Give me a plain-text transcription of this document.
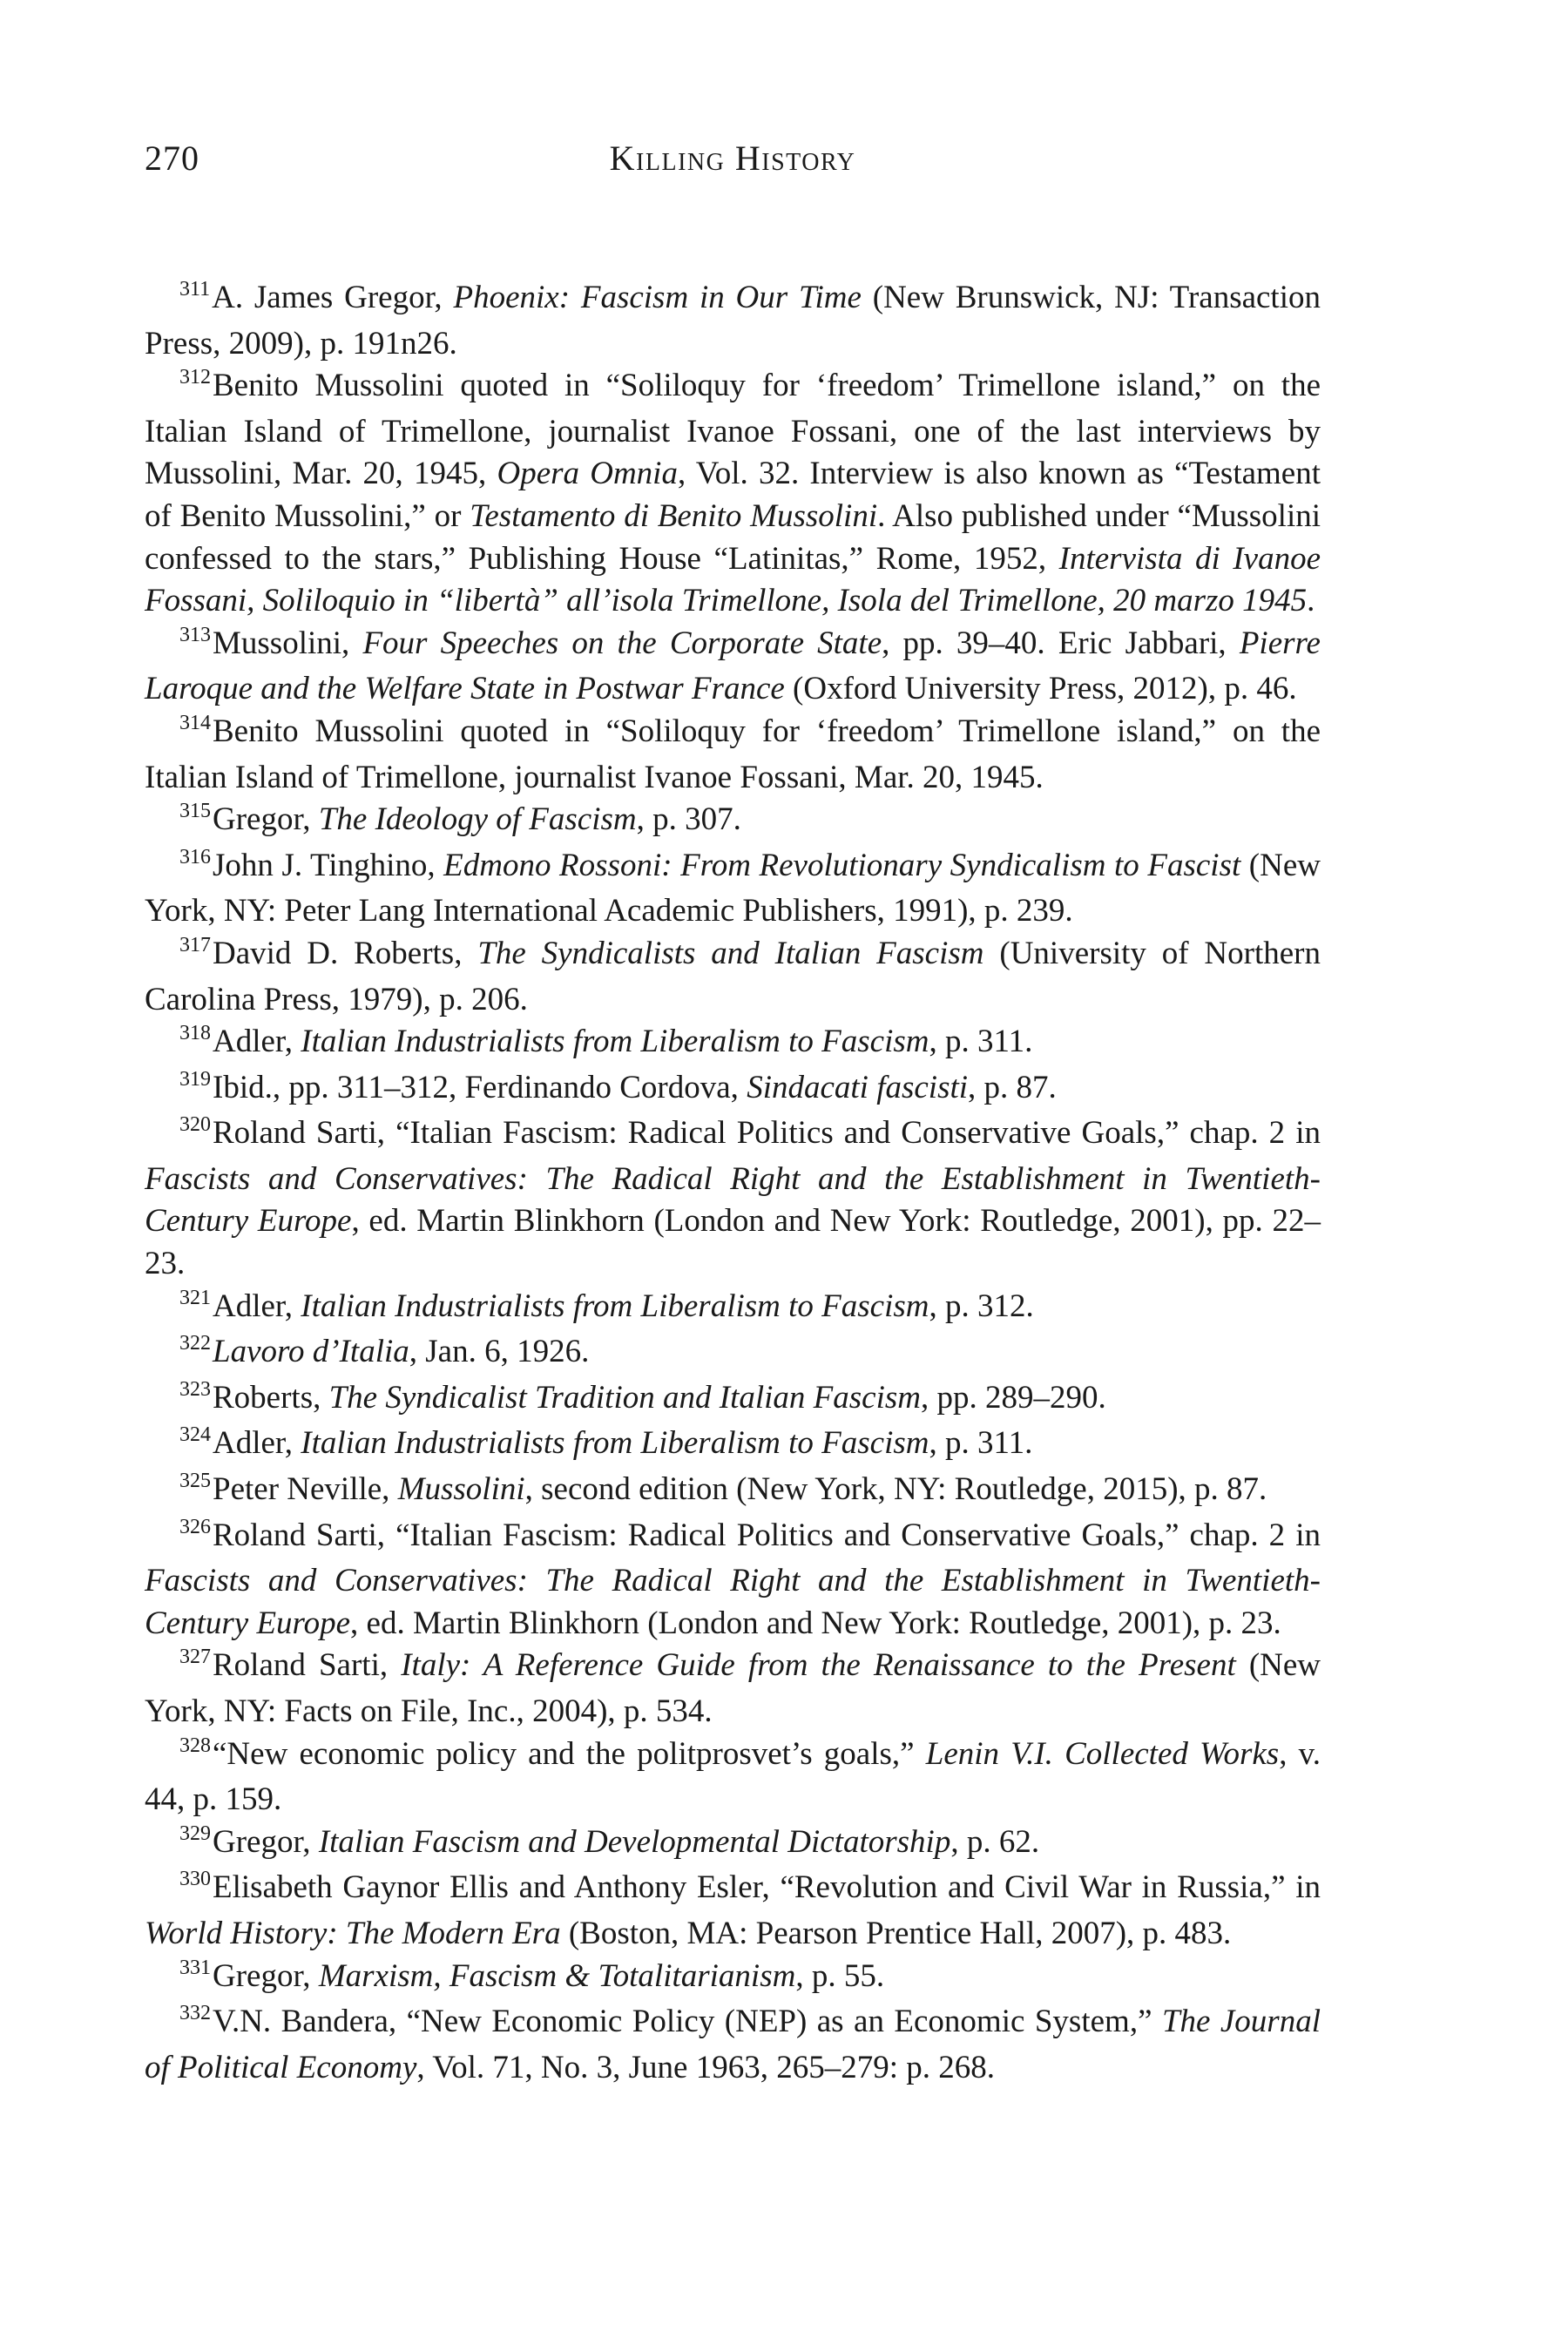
270	Killing History

$^{311}$A. James Gregor, Phoenix: Fascism in Our Time (New Brunswick, NJ: Transaction Press, 2009), p. 191n26.

$^{312}$Benito Mussolini quoted in “Soliloquy for ‘freedom’ Trimellone island,” on the Italian Island of Trimellone, journalist Ivanoe Fossani, one of the last interviews by Mussolini, Mar. 20, 1945, Opera Omnia, Vol. 32. Interview is also known as “Testament of Benito Mussolini,” or Testamento di Benito Mussolini. Also published under “Mussolini confessed to the stars,” Publishing House “Latinitas,” Rome, 1952, Intervista di Ivanoe Fossani, Soliloquio in “libertà” all’isola Trimellone, Isola del Trimellone, 20 marzo 1945.

$^{313}$Mussolini, Four Speeches on the Corporate State, pp. 39–40. Eric Jabbari, Pierre Laroque and the Welfare State in Postwar France (Oxford University Press, 2012), p. 46.

$^{314}$Benito Mussolini quoted in “Soliloquy for ‘freedom’ Trimellone island,” on the Italian Island of Trimellone, journalist Ivanoe Fossani, Mar. 20, 1945.

$^{315}$Gregor, The Ideology of Fascism, p. 307.

$^{316}$John J. Tinghino, Edmono Rossoni: From Revolutionary Syndicalism to Fascist (New York, NY: Peter Lang International Academic Publishers, 1991), p. 239.

$^{317}$David D. Roberts, The Syndicalists and Italian Fascism (University of Northern Carolina Press, 1979), p. 206.

$^{318}$Adler, Italian Industrialists from Liberalism to Fascism, p. 311.

$^{319}$Ibid., pp. 311–312, Ferdinando Cordova, Sindacati fascisti, p. 87.

$^{320}$Roland Sarti, “Italian Fascism: Radical Politics and Conservative Goals,” chap. 2 in Fascists and Conservatives: The Radical Right and the Establishment in Twentieth-Century Europe, ed. Martin Blinkhorn (London and New York: Routledge, 2001), pp. 22–23.

$^{321}$Adler, Italian Industrialists from Liberalism to Fascism, p. 312.

$^{322}$Lavoro d’Italia, Jan. 6, 1926.

$^{323}$Roberts, The Syndicalist Tradition and Italian Fascism, pp. 289–290.

$^{324}$Adler, Italian Industrialists from Liberalism to Fascism, p. 311.

$^{325}$Peter Neville, Mussolini, second edition (New York, NY: Routledge, 2015), p. 87.

$^{326}$Roland Sarti, “Italian Fascism: Radical Politics and Conservative Goals,” chap. 2 in Fascists and Conservatives: The Radical Right and the Establishment in Twentieth-Century Europe, ed. Martin Blinkhorn (London and New York: Routledge, 2001), p. 23.

$^{327}$Roland Sarti, Italy: A Reference Guide from the Renaissance to the Present (New York, NY: Facts on File, Inc., 2004), p. 534.

$^{328}$“New economic policy and the politprosvet’s goals,” Lenin V.I. Collected Works, v. 44, p. 159.

$^{329}$Gregor, Italian Fascism and Developmental Dictatorship, p. 62.

$^{330}$Elisabeth Gaynor Ellis and Anthony Esler, “Revolution and Civil War in Russia,” in World History: The Modern Era (Boston, MA: Pearson Prentice Hall, 2007), p. 483.

$^{331}$Gregor, Marxism, Fascism & Totalitarianism, p. 55.

$^{332}$V.N. Bandera, “New Economic Policy (NEP) as an Economic System,” The Journal of Political Economy, Vol. 71, No. 3, June 1963, 265–279: p. 268.
